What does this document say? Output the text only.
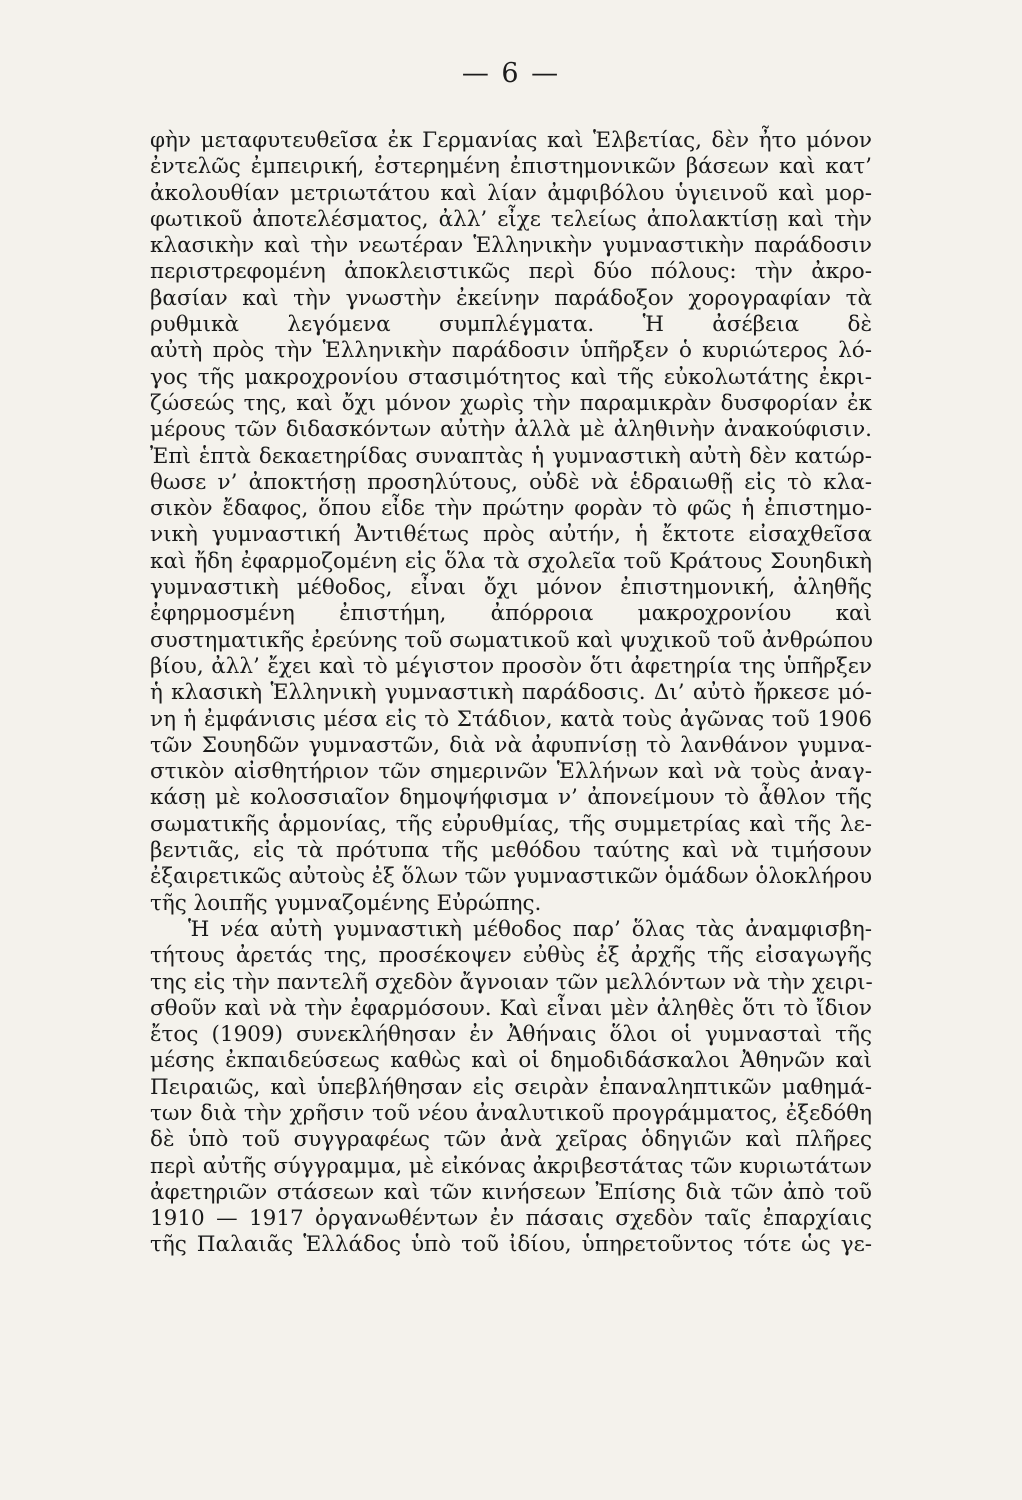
— 6 —
φὴν μεταφυτευθεῖσα ἐκ Γερμανίας καὶ Ἑλβετίας, δὲν ἦτο μόνον
ἐντελῶς ἐμπειρική, ἐστερημένη ἐπιστημονικῶν βάσεων καὶ κατ’
ἀκολουθίαν μετριωτάτου καὶ λίαν ἀμφιβόλου ὑγιεινοῦ καὶ μορ-
φωτικοῦ ἀποτελέσματος, ἀλλ’ εἶχε τελείως ἀπολακτίσῃ καὶ τὴν
κλασικὴν καὶ τὴν νεωτέραν Ἑλληνικὴν γυμναστικὴν παράδοσιν
περιστρεφομένη ἀποκλειστικῶς περὶ δύο πόλους: τὴν ἀκρο-
βασίαν καὶ τὴν γνωστὴν ἐκείνην παράδοξον χορογραφίαν τὰ
ρυθμικὰ λεγόμενα συμπλέγματα. Ἡ ἀσέβεια δὲ
αὐτὴ πρὸς τὴν Ἑλληνικὴν παράδοσιν ὑπῆρξεν ὁ κυριώτερος λό-
γος τῆς μακροχρονίου στασιμότητος καὶ τῆς εὐκολωτάτης ἐκρι-
ζώσεώς της, καὶ ὄχι μόνον χωρὶς τὴν παραμικρὰν δυσφορίαν ἐκ
μέρους τῶν διδασκόντων αὐτὴν ἀλλὰ μὲ ἀληθινὴν ἀνακούφισιν.
Ἐπὶ ἑπτὰ δεκαετηρίδας συναπτὰς ἡ γυμναστικὴ αὐτὴ δὲν κατώρ-
θωσε ν’ ἀποκτήσῃ προσηλύτους, οὐδὲ νὰ ἑδραιωθῇ εἰς τὸ κλα-
σικὸν ἔδαφος, ὅπου εἶδε τὴν πρώτην φορὰν τὸ φῶς ἡ ἐπιστημο-
νικὴ γυμναστική Ἀντιθέτως πρὸς αὐτήν, ἡ ἔκτοτε εἰσαχθεῖσα
καὶ ἤδη ἐφαρμοζομένη εἰς ὅλα τὰ σχολεῖα τοῦ Κράτους Σουηδικὴ
γυμναστικὴ μέθοδος, εἶναι ὄχι μόνον ἐπιστημονική, ἀληθῆς
ἐφηρμοσμένη ἐπιστήμη, ἀπόρροια μακροχρονίου καὶ
συστηματικῆς ἐρεύνης τοῦ σωματικοῦ καὶ ψυχικοῦ τοῦ ἀνθρώπου
βίου, ἀλλ’ ἔχει καὶ τὸ μέγιστον προσὸν ὅτι ἀφετηρία της ὑπῆρξεν
ἡ κλασικὴ Ἑλληνικὴ γυμναστικὴ παράδοσις. Δι’ αὐτὸ ἤρκεσε μό-
νη ἡ ἐμφάνισις μέσα εἰς τὸ Στάδιον, κατὰ τοὺς ἀγῶνας τοῦ 1906
τῶν Σουηδῶν γυμναστῶν, διὰ νὰ ἀφυπνίσῃ τὸ λανθάνον γυμνα-
στικὸν αἰσθητήριον τῶν σημερινῶν Ἑλλήνων καὶ νὰ τοὺς ἀναγ-
κάσῃ μὲ κολοσσιαῖον δημοψήφισμα ν’ ἀπονείμουν τὸ ἆθλον τῆς
σωματικῆς ἁρμονίας, τῆς εὐρυθμίας, τῆς συμμετρίας καὶ τῆς λε-
βεντιᾶς, εἰς τὰ πρότυπα τῆς μεθόδου ταύτης καὶ νὰ τιμήσουν
ἐξαιρετικῶς αὐτοὺς ἐξ ὅλων τῶν γυμναστικῶν ὁμάδων ὁλοκλήρου
τῆς λοιπῆς γυμναζομένης Εὐρώπης.
Ἡ νέα αὐτὴ γυμναστικὴ μέθοδος παρ’ ὅλας τὰς ἀναμφισβη-
τήτους ἀρετάς της, προσέκοψεν εὐθὺς ἐξ ἀρχῆς τῆς εἰσαγωγῆς
της εἰς τὴν παντελῆ σχεδὸν ἄγνοιαν τῶν μελλόντων νὰ τὴν χειρι-
σθοῦν καὶ νὰ τὴν ἐφαρμόσουν. Καὶ εἶναι μὲν ἀληθὲς ὅτι τὸ ἴδιον
ἔτος (1909) συνεκλήθησαν ἐν Ἀθήναις ὅλοι οἱ γυμνασταὶ τῆς
μέσης ἐκπαιδεύσεως καθὼς καὶ οἱ δημοδιδάσκαλοι Ἀθηνῶν καὶ
Πειραιῶς, καὶ ὑπεβλήθησαν εἰς σειρὰν ἐπαναληπτικῶν μαθημά-
των διὰ τὴν χρῆσιν τοῦ νέου ἀναλυτικοῦ προγράμματος, ἐξεδόθη
δὲ ὑπὸ τοῦ συγγραφέως τῶν ἀνὰ χεῖρας ὁδηγιῶν καὶ πλῆρες
περὶ αὐτῆς σύγγραμμα, μὲ εἰκόνας ἀκριβεστάτας τῶν κυριωτάτων
ἀφετηριῶν στάσεων καὶ τῶν κινήσεων Ἐπίσης διὰ τῶν ἀπὸ τοῦ
1910 — 1917 ὀργανωθέντων ἐν πάσαις σχεδὸν ταῖς ἐπαρχίαις
τῆς Παλαιᾶς Ἑλλάδος ὑπὸ τοῦ ἰδίου, ὑπηρετοῦντος τότε ὡς γε-
